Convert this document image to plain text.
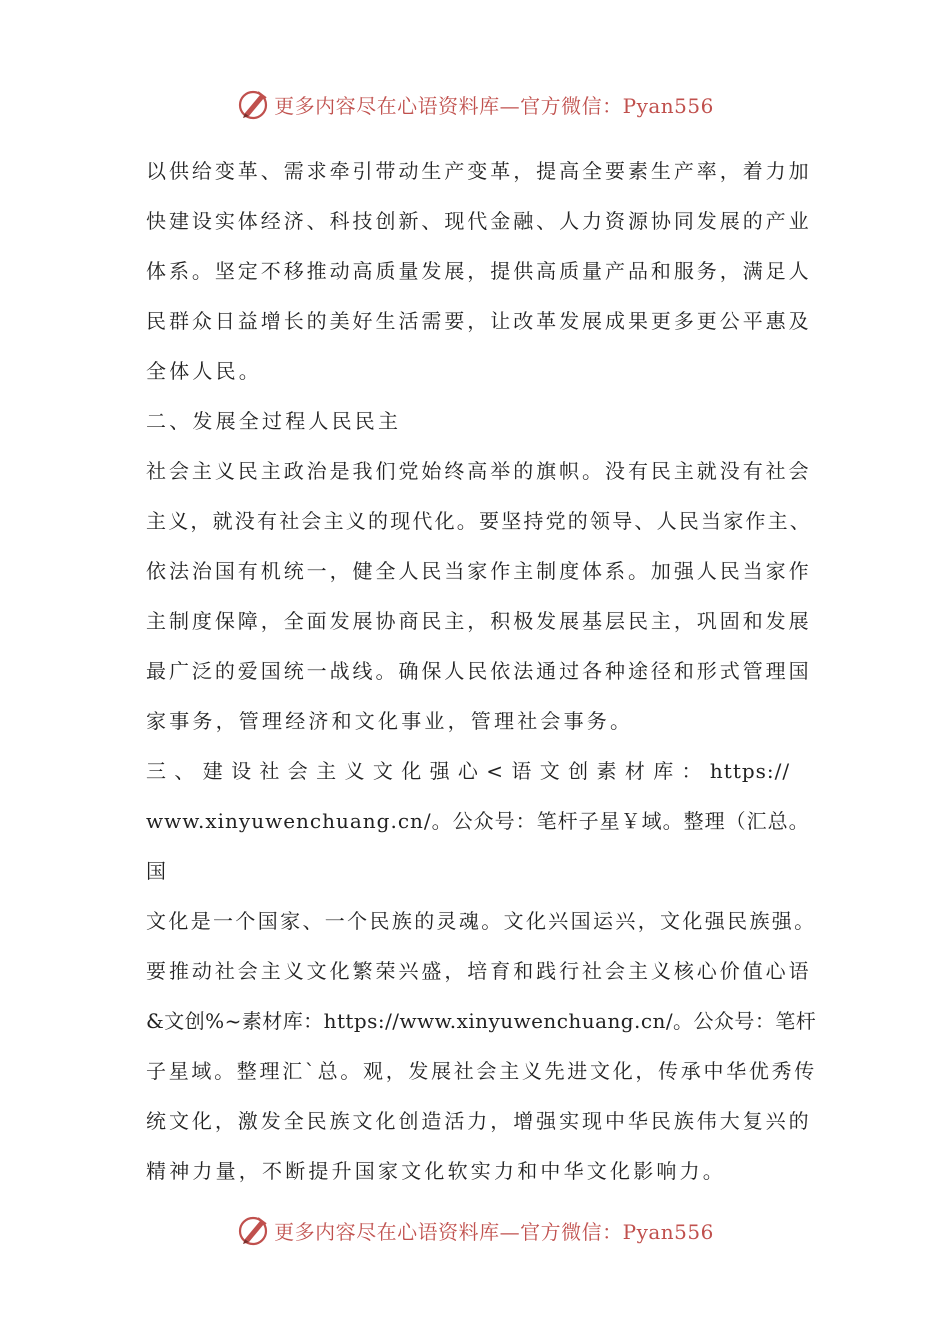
更多内容尽在心语资料库—官方微信：Pyan556
以供给变革、需求牵引带动生产变革，提高全要素生产率，着力加
快建设实体经济、科技创新、现代金融、人力资源协同发展的产业
体系。坚定不移推动高质量发展，提供高质量产品和服务，满足人
民群众日益增长的美好生活需要，让改革发展成果更多更公平惠及
全体人民。
二、发展全过程人民民主
社会主义民主政治是我们党始终高举的旗帜。没有民主就没有社会
主义，就没有社会主义的现代化。要坚持党的领导、人民当家作主、
依法治国有机统一，健全人民当家作主制度体系。加强人民当家作
主制度保障，全面发展协商民主，积极发展基层民主，巩固和发展
最广泛的爱国统一战线。确保人民依法通过各种途径和形式管理国
家事务，管理经济和文化事业，管理社会事务。
三 、 建 设 社 会 主 义 文 化 强 心 < 语 文 创 素 材 库 ： https://
www.xinyuwenchuang.cn/。公众号：笔杆子星￥域。整理（汇总。
国
文化是一个国家、一个民族的灵魂。文化兴国运兴，文化强民族强。
要推动社会主义文化繁荣兴盛，培育和践行社会主义核心价值心语
&文创%~素材库：https://www.xinyuwenchuang.cn/。公众号：笔杆
子星域。整理汇`总。观，发展社会主义先进文化，传承中华优秀传
统文化，激发全民族文化创造活力，增强实现中华民族伟大复兴的
精神力量，不断提升国家文化软实力和中华文化影响力。
更多内容尽在心语资料库—官方微信：Pyan556
